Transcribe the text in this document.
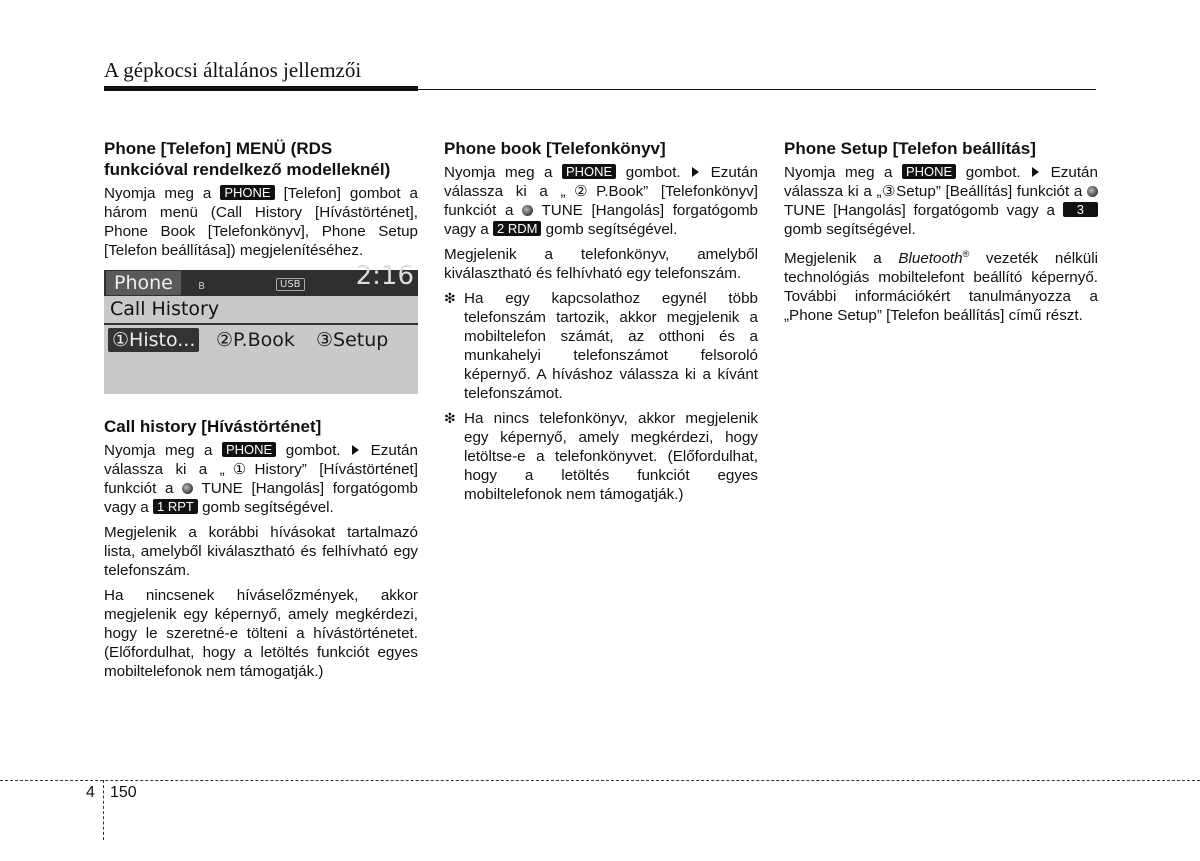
A gépkocsi általános jellemzői
Phone [Telefon] MENÜ (RDS funkcióval rendelkező modelleknél)

Nyomja meg a PHONE [Telefon] gombot a három menü (Call History [Hívástörténet], Phone Book [Telefonkönyv], Phone Setup [Telefon beállítása]) megjelenítéséhez.

Phone	ʙ	USB 2:16
Call History
①Histo... ②P.Book ③Setup
Call history [Hívástörténet]

Nyomja meg a PHONE gombot. Ezután válassza ki a „①History” [Hívástörténet] funkciót a TUNE [Hangolás] forgatógomb vagy a 1 RPT gomb segítségével.

Megjelenik a korábbi hívásokat tartalmazó lista, amelyből kiválasztható és felhívható egy telefonszám.

Ha nincsenek híváselőzmények, akkor megjelenik egy képernyő, amely megkérdezi, hogy le szeretné-e tölteni a hívástörténetet. (Előfordulhat, hogy a letöltés funkciót egyes mobiltelefonok nem támogatják.)

Phone book [Telefonkönyv]

Nyomja meg a PHONE gombot. Ezután válassza ki a „②P.Book” [Telefonkönyv] funkciót a TUNE [Hangolás] forgatógomb vagy a 2 RDM gomb segítségével.

Megjelenik a telefonkönyv, amelyből kiválasztható és felhívható egy telefonszám.

❇ Ha egy kapcsolathoz egynél több telefonszám tartozik, akkor megjelenik a mobiltelefon számát, az otthoni és a munkahelyi telefonszámot felsoroló képernyő. A híváshoz válassza ki a kívánt telefonszámot.
❇ Ha nincs telefonkönyv, akkor megjelenik egy képernyő, amely megkérdezi, hogy letöltse-e a telefonkönyvet. (Előfordulhat, hogy a letöltés funkciót egyes mobiltelefonok nem támogatják.)
Phone Setup [Telefon beállítás]

Nyomja meg a PHONE gombot. Ezután válassza ki a „③Setup” [Beállítás] funkciót a  TUNE [Hangolás] forgatógomb vagy a 3 gomb segítségével.

Megjelenik a Bluetooth® vezeték nélküli technológiás mobiltelefont beállító képernyő. További információkért tanulmányozza a „Phone Setup” [Telefon beállítás] című részt.

4 150
